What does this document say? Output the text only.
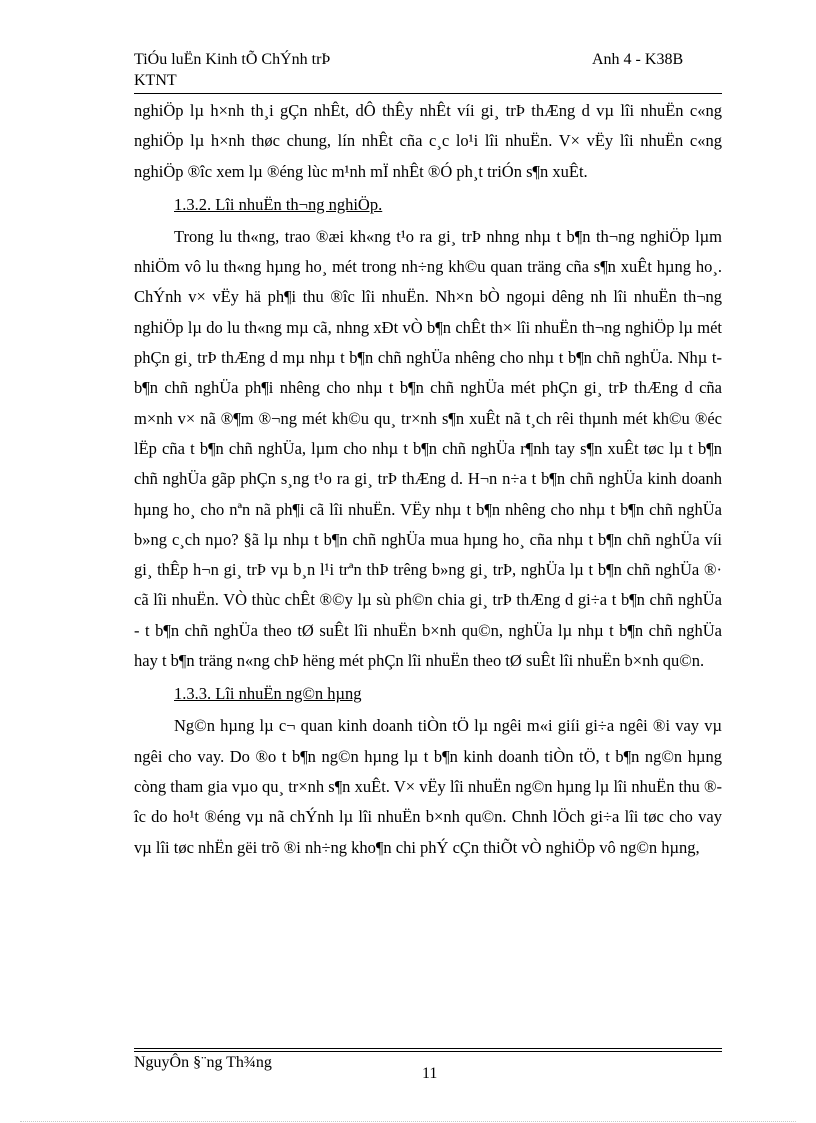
TiÓu luËn Kinh tÕ ChÝnh trÞ
KTNT
Anh 4 - K38B

nghiÖp lµ h×nh th¸i gÇn nhÊt, dÔ thÊy nhÊt víi gi¸ trÞ thÆng d vµ lîi nhuËn c«ng nghiÖp lµ h×nh thøc chung, lín nhÊt cña c¸c lo¹i lîi nhuËn. V× vËy lîi nhuËn c«ng nghiÖp ®îc xem lµ ®éng lùc m¹nh mÏ nhÊt ®Ó ph¸t triÓn s¶n xuÊt.

1.3.2. Lîi nhuËn th¬ng nghiÖp.

Trong lu th«ng, trao ®æi kh«ng t¹o ra gi¸ trÞ nhng nhµ t b¶n th¬ng nghiÖp lµm nhiÖm vô lu th«ng hµng ho¸ mét trong nh÷ng kh©u quan träng cña s¶n xuÊt hµng ho¸. ChÝnh v× vËy hä ph¶i thu ®îc lîi nhuËn. Nh×n bÒ ngoµi dêng nh lîi nhuËn th¬ng nghiÖp lµ do lu th«ng mµ cã, nhng xÐt vÒ b¶n chÊt th× lîi nhuËn th¬ng nghiÖp lµ mét phÇn gi¸ trÞ thÆng d mµ nhµ t b¶n chñ nghÜa nhêng cho nhµ t b¶n chñ nghÜa. Nhµ t b¶n chñ nghÜa ph¶i nhêng cho nhµ t b¶n chñ nghÜa mét phÇn gi¸ trÞ thÆng d cña m×nh v× nã ®¶m ®¬ng mét kh©u qu¸ tr×nh s¶n xuÊt nã t¸ch rêi thµnh mét kh©u ®éc lËp cña t b¶n chñ nghÜa, lµm cho nhµ t b¶n chñ nghÜa r¶nh tay s¶n xuÊt tøc lµ t b¶n chñ nghÜa gãp phÇn s¸ng t¹o ra gi¸ trÞ thÆng d. H¬n n÷a t b¶n chñ nghÜa kinh doanh hµng ho¸ cho nªn nã ph¶i cã lîi nhuËn. VËy nhµ t b¶n nhêng cho nhµ t b¶n chñ nghÜa b»ng c¸ch nµo? §ã lµ nhµ t b¶n chñ nghÜa mua hµng ho¸ cña nhµ t b¶n chñ nghÜa víi gi¸ thÊp h¬n gi¸ trÞ vµ b¸n l¹i trªn thÞ trêng b»ng gi¸ trÞ, nghÜa lµ t b¶n chñ nghÜa ®· cã lîi nhuËn. VÒ thùc chÊt ®©y lµ sù ph©n chia gi¸ trÞ thÆng d gi÷a t b¶n chñ nghÜa - t b¶n chñ nghÜa theo tØ suÊt lîi nhuËn b×nh qu©n, nghÜa lµ nhµ t b¶n chñ nghÜa hay t b¶n träng n«ng chÞ hëng mét phÇn lîi nhuËn theo tØ suÊt lîi nhuËn b×nh qu©n.

1.3.3. Lîi nhuËn ng©n hµng

Ng©n hµng lµ c¬ quan kinh doanh tiÒn tÖ lµ ngêi m«i giíi gi÷a ngêi ®i vay vµ ngêi cho vay. Do ®o t b¶n ng©n hµng lµ t b¶n kinh doanh tiÒn tÖ, t b¶n ng©n hµng còng tham gia vµo qu¸ tr×nh s¶n xuÊt. V× vËy lîi nhuËn ng©n hµng lµ lîi nhuËn thu ®îc do ho¹t ®éng vµ nã chÝnh lµ lîi nhuËn b×nh qu©n. Chnh lÖch gi÷a lîi tøc cho vay vµ lîi tøc nhËn gëi trõ ®i nh÷ng kho¶n chi phÝ cÇn thiÕt vÒ nghiÖp vô ng©n hµng,

NguyÔn §¨ng Th¾ng
11
